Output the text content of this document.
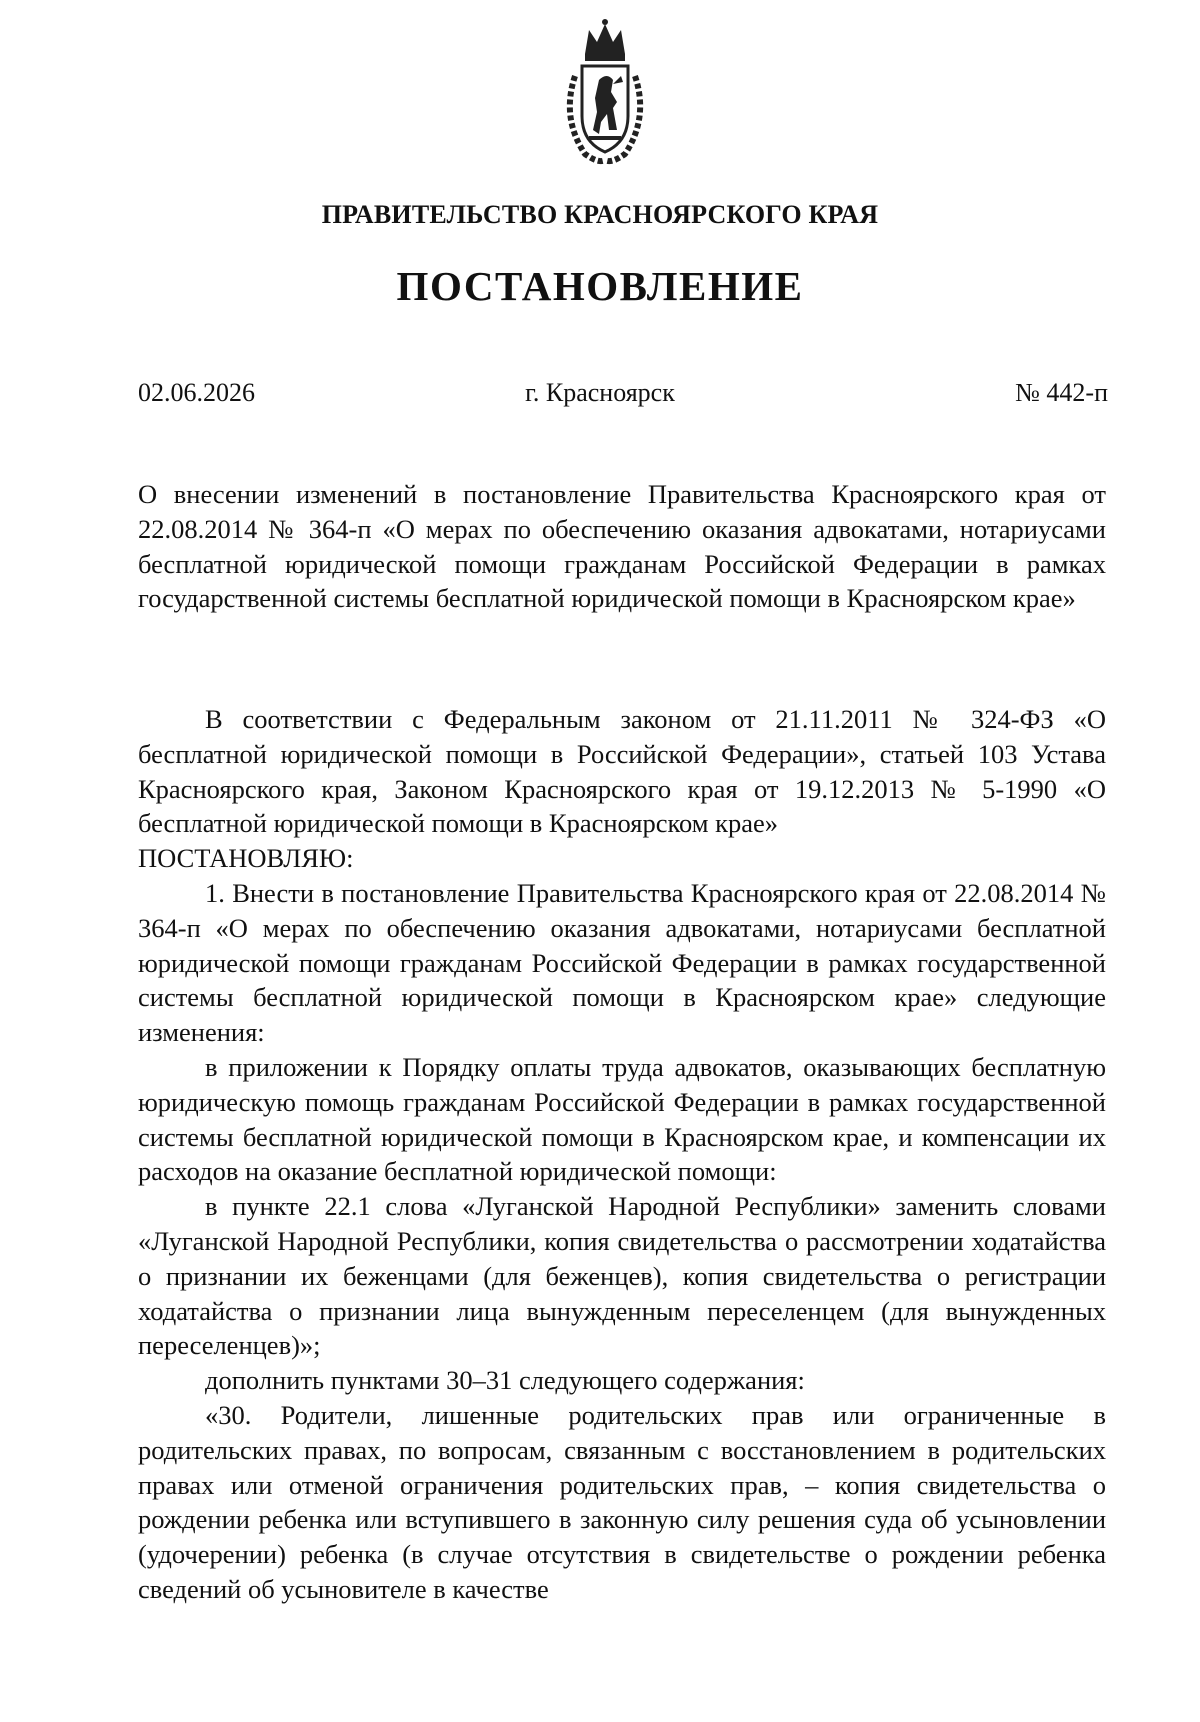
ПРАВИТЕЛЬСТВО КРАСНОЯРСКОГО КРАЯ
ПОСТАНОВЛЕНИЕ
02.06.2026	г. Красноярск	№ 442-п

О внесении изменений в постановление Правительства Красноярского края от 22.08.2014 № 364-п «О мерах по обеспечению оказания адвокатами, нотариусами бесплатной юридической помощи гражданам Российской Федерации в рамках государственной системы бесплатной юридической помощи в Красноярском крае»

В соответствии с Федеральным законом от 21.11.2011 № 324-ФЗ «О бесплатной юридической помощи в Российской Федерации», статьей 103 Устава Красноярского края, Законом Красноярского края от 19.12.2013 № 5-1990 «О бесплатной юридической помощи в Красноярском крае»

ПОСТАНОВЛЯЮ:

1. Внести в постановление Правительства Красноярского края от 22.08.2014 № 364-п «О мерах по обеспечению оказания адвокатами, нотариусами бесплатной юридической помощи гражданам Российской Федерации в рамках государственной системы бесплатной юридической помощи в Красноярском крае» следующие изменения:

в приложении к Порядку оплаты труда адвокатов, оказывающих бесплатную юридическую помощь гражданам Российской Федерации в рамках государственной системы бесплатной юридической помощи в Красноярском крае, и компенсации их расходов на оказание бесплатной юридической помощи:

в пункте 22.1 слова «Луганской Народной Республики» заменить словами «Луганской Народной Республики, копия свидетельства о рассмотрении ходатайства о признании их беженцами (для беженцев), копия свидетельства о регистрации ходатайства о признании лица вынужденным переселенцем (для вынужденных переселенцев)»;

дополнить пунктами 30–31 следующего содержания:

«30. Родители, лишенные родительских прав или ограниченные в родительских правах, по вопросам, связанным с восстановлением в родительских правах или отменой ограничения родительских прав, – копия свидетельства о рождении ребенка или вступившего в законную силу решения суда об усыновлении (удочерении) ребенка (в случае отсутствия в свидетельстве о рождении ребенка сведений об усыновителе в качестве
